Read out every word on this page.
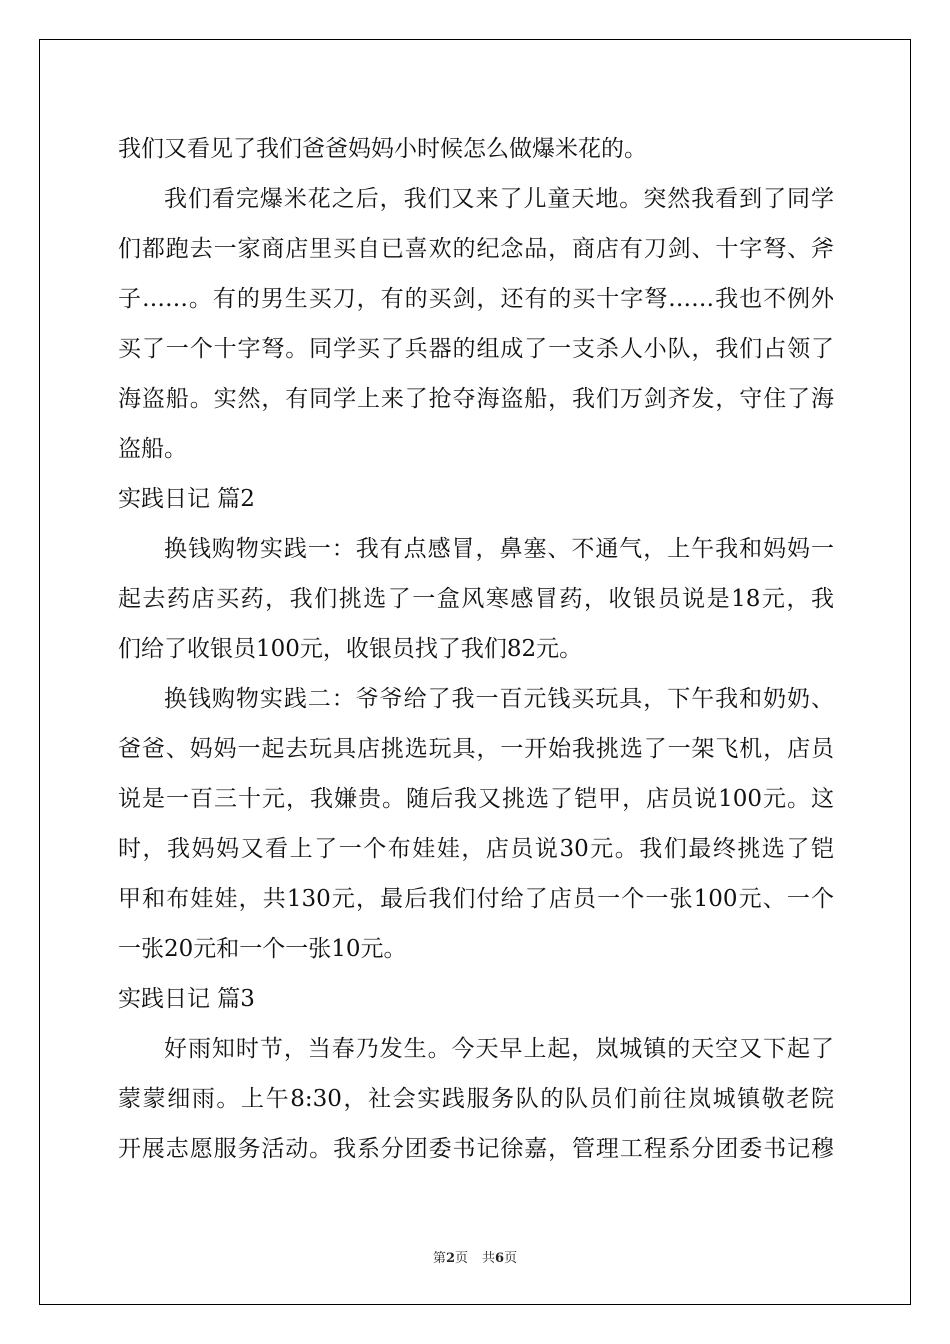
我们又看见了我们爸爸妈妈小时候怎么做爆米花的。
我们看完爆米花之后，我们又来了儿童天地。突然我看到了同学
们都跑去一家商店里买自已喜欢的纪念品，商店有刀剑、十字弩、斧
子……。有的男生买刀，有的买剑，还有的买十字弩……我也不例外
买了一个十字弩。同学买了兵器的组成了一支杀人小队，我们占领了
海盗船。实然，有同学上来了抢夺海盗船，我们万剑齐发，守住了海
盗船。
实践日记 篇2
换钱购物实践一：我有点感冒，鼻塞、不通气，上午我和妈妈一
起去药店买药，我们挑选了一盒风寒感冒药，收银员说是18元，我
们给了收银员100元，收银员找了我们82元。
换钱购物实践二：爷爷给了我一百元钱买玩具，下午我和奶奶、
爸爸、妈妈一起去玩具店挑选玩具，一开始我挑选了一架飞机，店员
说是一百三十元，我嫌贵。随后我又挑选了铠甲，店员说100元。这
时，我妈妈又看上了一个布娃娃，店员说30元。我们最终挑选了铠
甲和布娃娃，共130元，最后我们付给了店员一个一张100元、一个
一张20元和一个一张10元。
实践日记 篇3
好雨知时节，当春乃发生。今天早上起，岚城镇的天空又下起了
蒙蒙细雨。上午8:30，社会实践服务队的队员们前往岚城镇敬老院
开展志愿服务活动。我系分团委书记徐嘉，管理工程系分团委书记穆
第2页 共6页
